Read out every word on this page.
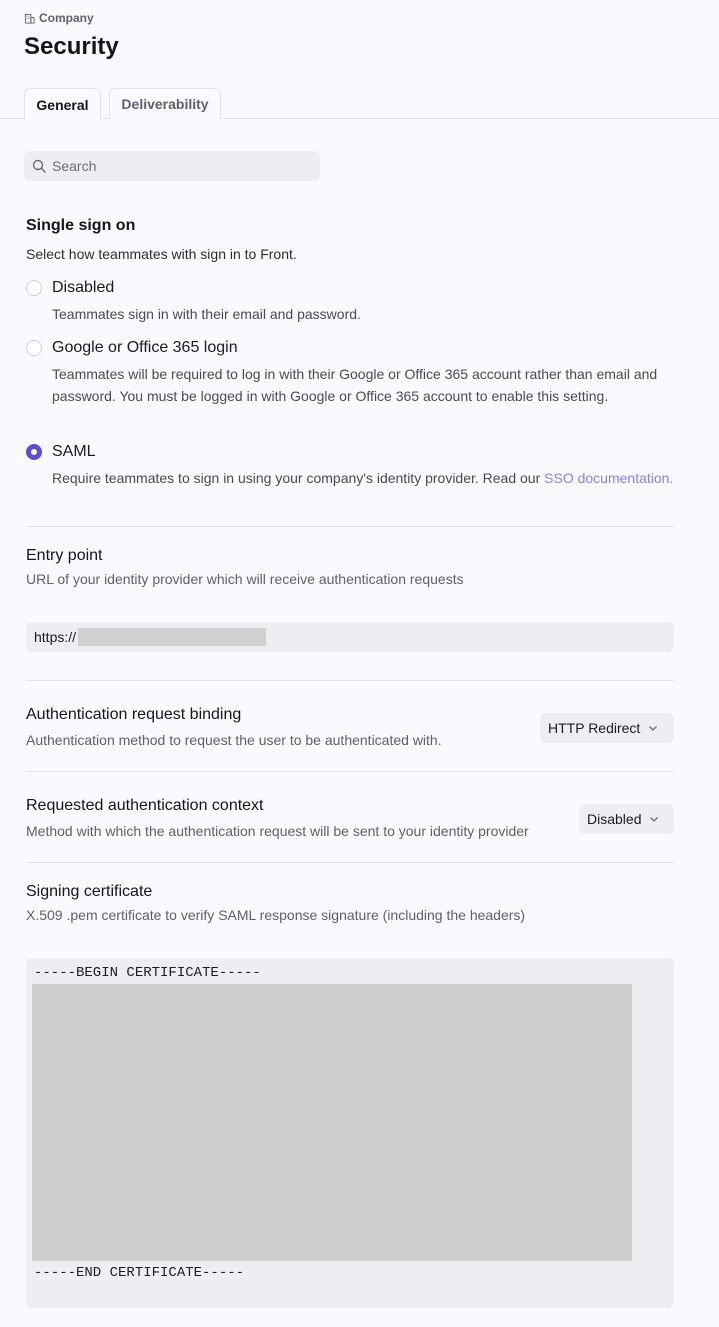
Company
Security
General	Deliverability
Search
Single sign on
Select how teammates with sign in to Front.
Disabled
Teammates sign in with their email and password.
Google or Office 365 login
Teammates will be required to log in with their Google or Office 365 account rather than email and password. You must be logged in with Google or Office 365 account to enable this setting.
SAML
Require teammates to sign in using your company's identity provider. Read our SSO documentation.
Entry point
URL of your identity provider which will receive authentication requests
https://
Authentication request binding
Authentication method to request the user to be authenticated with.
HTTP Redirect
Requested authentication context
Method with which the authentication request will be sent to your identity provider
Disabled
Signing certificate
X.509 .pem certificate to verify SAML response signature (including the headers)
-----BEGIN CERTIFICATE-----
-----END CERTIFICATE-----
